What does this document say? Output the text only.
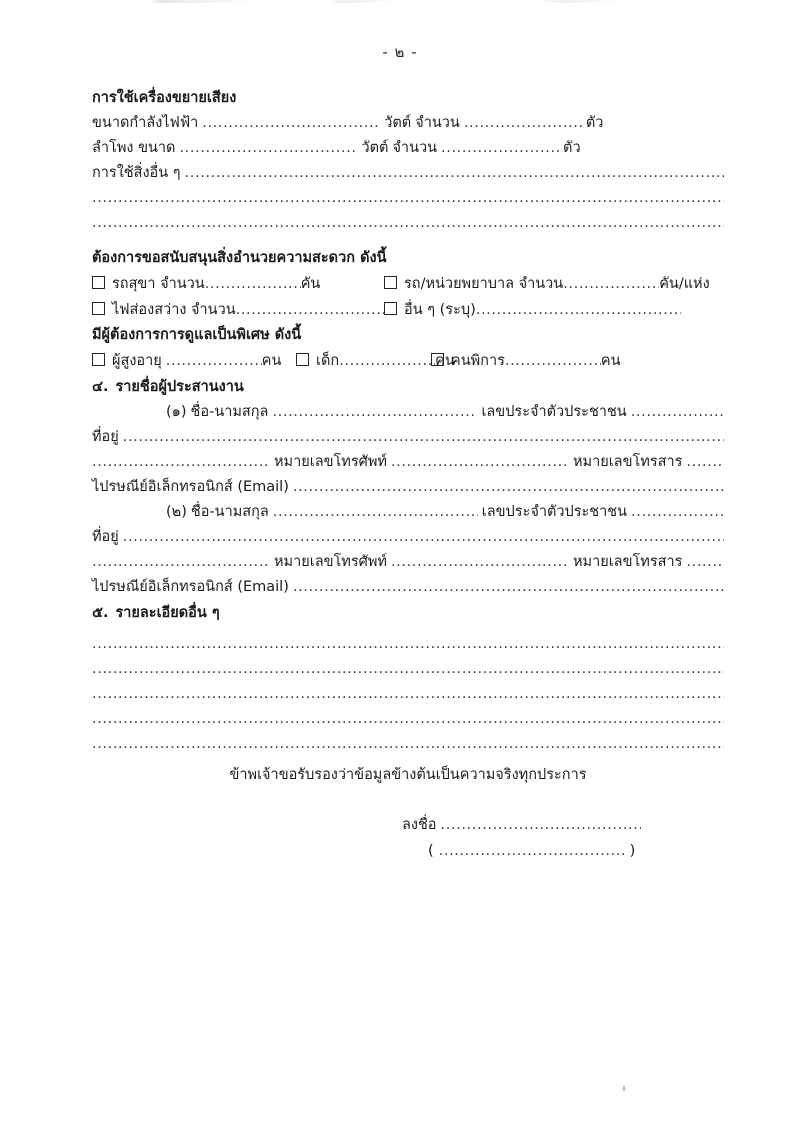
- ๒ -
การใช้เครื่องขยายเสียง
ขนาดกำลังไฟฟ้า .....	วัตต์ จำนวน .....	ตัว
ลำโพง ขนาด .....	วัตต์ จำนวน .....	ตัว
การใช้สิ่งอื่น ๆ
.....
.....
.....
ต้องการขอสนับสนุนสิ่งอำนวยความสะดวก ดังนี้
รถสุขา จำนวน .....	คัน	รถ/หน่วยพยาบาล จำนวน .....	คัน/แห่ง
ไฟส่องสว่าง จำนวน .....	อื่น ๆ (ระบุ)
.....
มีผู้ต้องการการดูแลเป็นพิเศษ ดังนี้
ผู้สูงอายุ .....	คน เด็ก .....	คน
คนพิการ .....	คน
๔. รายชื่อผู้ประสานงาน
(๑) ชื่อ-นามสกุล .....	เลขประจำตัวประชาชน
.....
ที่อยู่
.....
.....
หมายเลขโทรศัพท์ .....	หมายเลขโทรสาร
.....
ไปรษณีย์อิเล็กทรอนิกส์ (Email)
.....
(๒) ชื่อ-นามสกุล .....	เลขประจำตัวประชาชน
.....
ที่อยู่
.....
.....
หมายเลขโทรศัพท์ .....	หมายเลขโทรสาร
.....
ไปรษณีย์อิเล็กทรอนิกส์ (Email)
.....
๕. รายละเอียดอื่น ๆ
.....
.....
.....
.....
.....
ข้าพเจ้าขอรับรองว่าข้อมูลข้างต้นเป็นความจริงทุกประการ
ลงชื่อ
.....
( .....	)
